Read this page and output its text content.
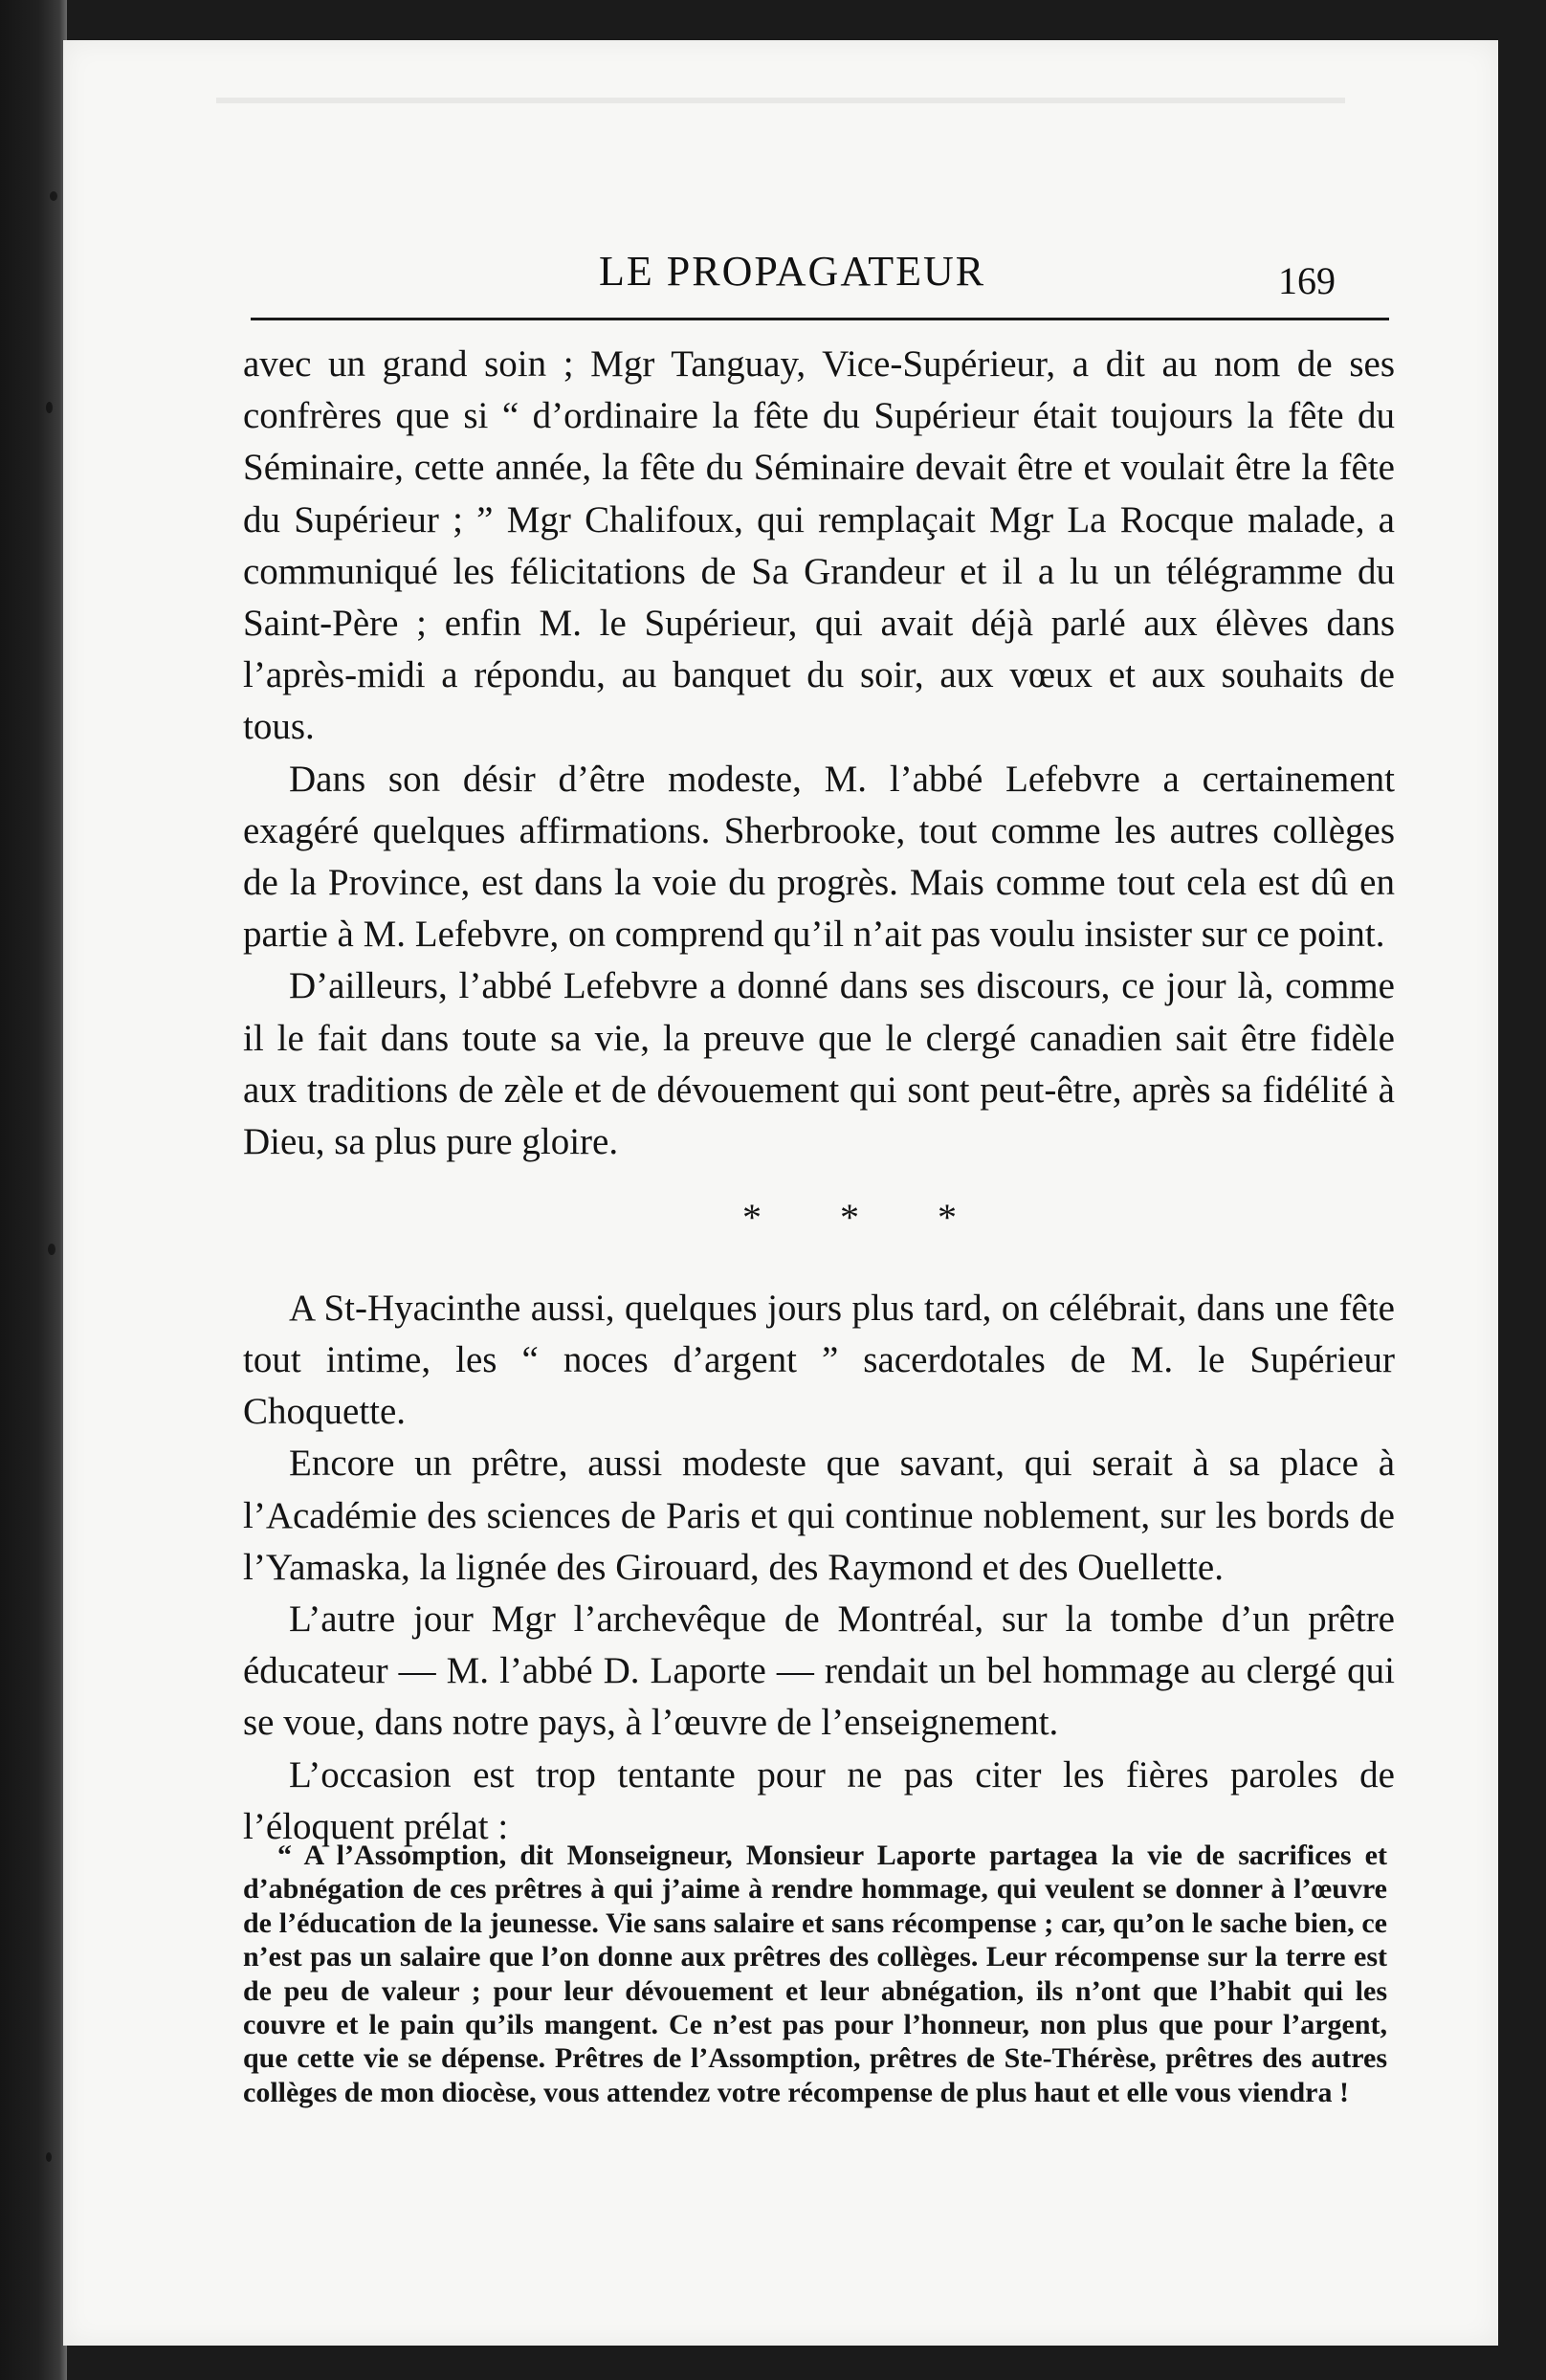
LE PROPAGATEUR	169

avec un grand soin ; Mgr Tanguay, Vice-Supérieur, a dit au nom de ses confrères que si “ d’ordinaire la fête du Supérieur était toujours la fête du Séminaire, cette année, la fête du Séminaire devait être et voulait être la fête du Supérieur ; ” Mgr Chalifoux, qui remplaçait Mgr La Rocque malade, a communiqué les félicitations de Sa Grandeur et il a lu un télégramme du Saint-Père ; enfin M. le Supérieur, qui avait déjà parlé aux élèves dans l’après-midi a répondu, au banquet du soir, aux vœux et aux souhaits de tous.

Dans son désir d’être modeste, M. l’abbé Lefebvre a certainement exagéré quelques affirmations. Sherbrooke, tout comme les autres collèges de la Province, est dans la voie du progrès. Mais comme tout cela est dû en partie à M. Lefebvre, on comprend qu’il n’ait pas voulu insister sur ce point.

D’ailleurs, l’abbé Lefebvre a donné dans ses discours, ce jour là, comme il le fait dans toute sa vie, la preuve que le clergé canadien sait être fidèle aux traditions de zèle et de dévouement qui sont peut-être, après sa fidélité à Dieu, sa plus pure gloire.

* * *

A St-Hyacinthe aussi, quelques jours plus tard, on célébrait, dans une fête tout intime, les “ noces d’argent ” sacerdotales de M. le Supérieur Choquette.

Encore un prêtre, aussi modeste que savant, qui serait à sa place à l’Académie des sciences de Paris et qui continue noblement, sur les bords de l’Yamaska, la lignée des Girouard, des Raymond et des Ouellette.

L’autre jour Mgr l’archevêque de Montréal, sur la tombe d’un prêtre éducateur — M. l’abbé D. Laporte — rendait un bel hommage au clergé qui se voue, dans notre pays, à l’œuvre de l’enseignement.

L’occasion est trop tentante pour ne pas citer les fières paroles de l’éloquent prélat :

“ A l’Assomption, dit Monseigneur, Monsieur Laporte partagea la vie de sacrifices et d’abnégation de ces prêtres à qui j’aime à rendre hommage, qui veulent se donner à l’œuvre de l’éducation de la jeunesse. Vie sans salaire et sans récompense ; car, qu’on le sache bien, ce n’est pas un salaire que l’on donne aux prêtres des collèges. Leur récompense sur la terre est de peu de valeur ; pour leur dévouement et leur abnégation, ils n’ont que l’habit qui les couvre et le pain qu’ils mangent. Ce n’est pas pour l’honneur, non plus que pour l’argent, que cette vie se dépense. Prêtres de l’Assomption, prêtres de Ste-Thérèse, prêtres des autres collèges de mon diocèse, vous attendez votre récompense de plus haut et elle vous viendra !
